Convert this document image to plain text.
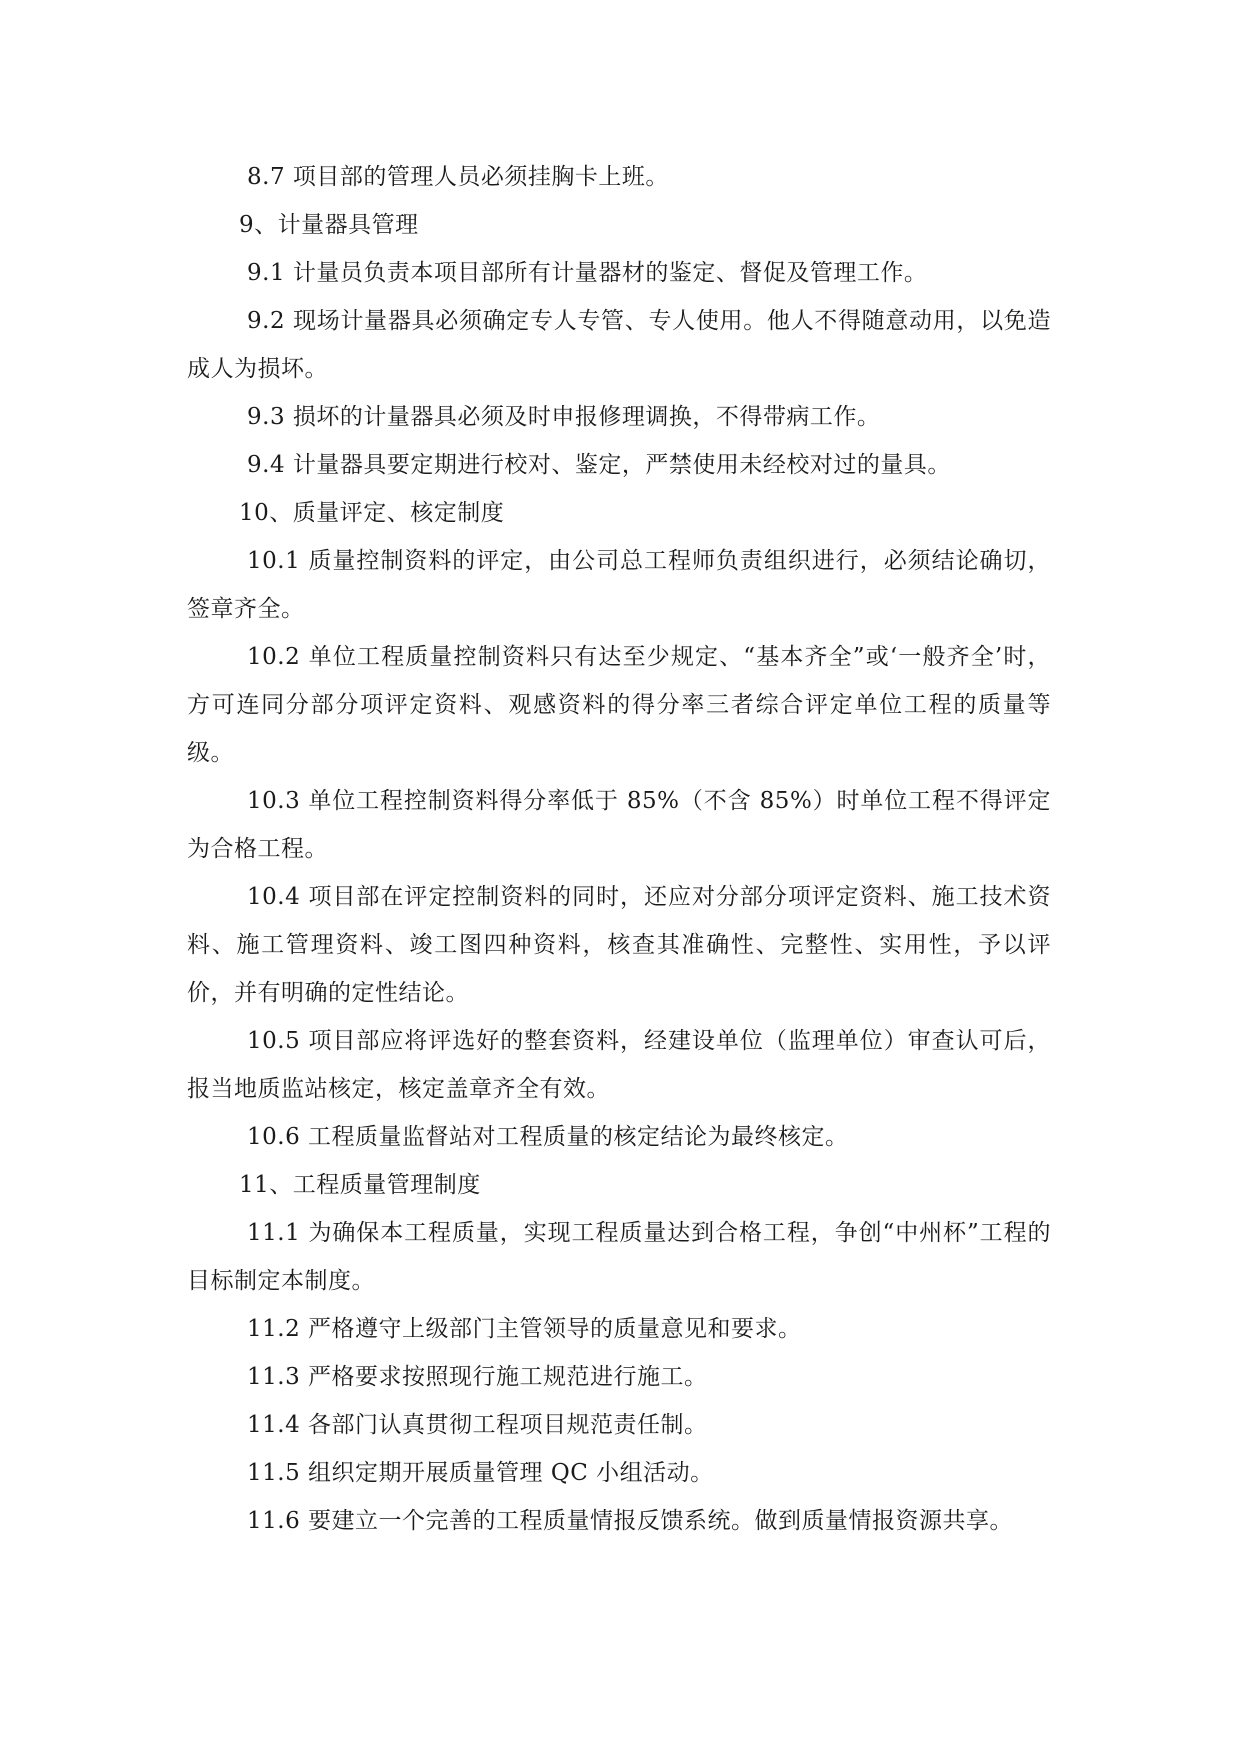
8.7 项目部的管理人员必须挂胸卡上班。

9、计量器具管理

9.1 计量员负责本项目部所有计量器材的鉴定、督促及管理工作。

9.2 现场计量器具必须确定专人专管、专人使用。他人不得随意动用，以免造成人为损坏。

9.3 损坏的计量器具必须及时申报修理调换，不得带病工作。

9.4 计量器具要定期进行校对、鉴定，严禁使用未经校对过的量具。

10、质量评定、核定制度

10.1 质量控制资料的评定，由公司总工程师负责组织进行，必须结论确切，签章齐全。

10.2 单位工程质量控制资料只有达至少规定、“基本齐全”或‘一般齐全’时，方可连同分部分项评定资料、观感资料的得分率三者综合评定单位工程的质量等级。

10.3 单位工程控制资料得分率低于 85%（不含 85%）时单位工程不得评定为合格工程。

10.4 项目部在评定控制资料的同时，还应对分部分项评定资料、施工技术资料、施工管理资料、竣工图四种资料，核查其准确性、完整性、实用性，予以评价，并有明确的定性结论。

10.5 项目部应将评选好的整套资料，经建设单位（监理单位）审查认可后，报当地质监站核定，核定盖章齐全有效。

10.6 工程质量监督站对工程质量的核定结论为最终核定。

11、工程质量管理制度

11.1 为确保本工程质量，实现工程质量达到合格工程，争创“中州杯”工程的目标制定本制度。

11.2 严格遵守上级部门主管领导的质量意见和要求。

11.3 严格要求按照现行施工规范进行施工。

11.4 各部门认真贯彻工程项目规范责任制。

11.5 组织定期开展质量管理 QC 小组活动。

11.6 要建立一个完善的工程质量情报反馈系统。做到质量情报资源共享。
